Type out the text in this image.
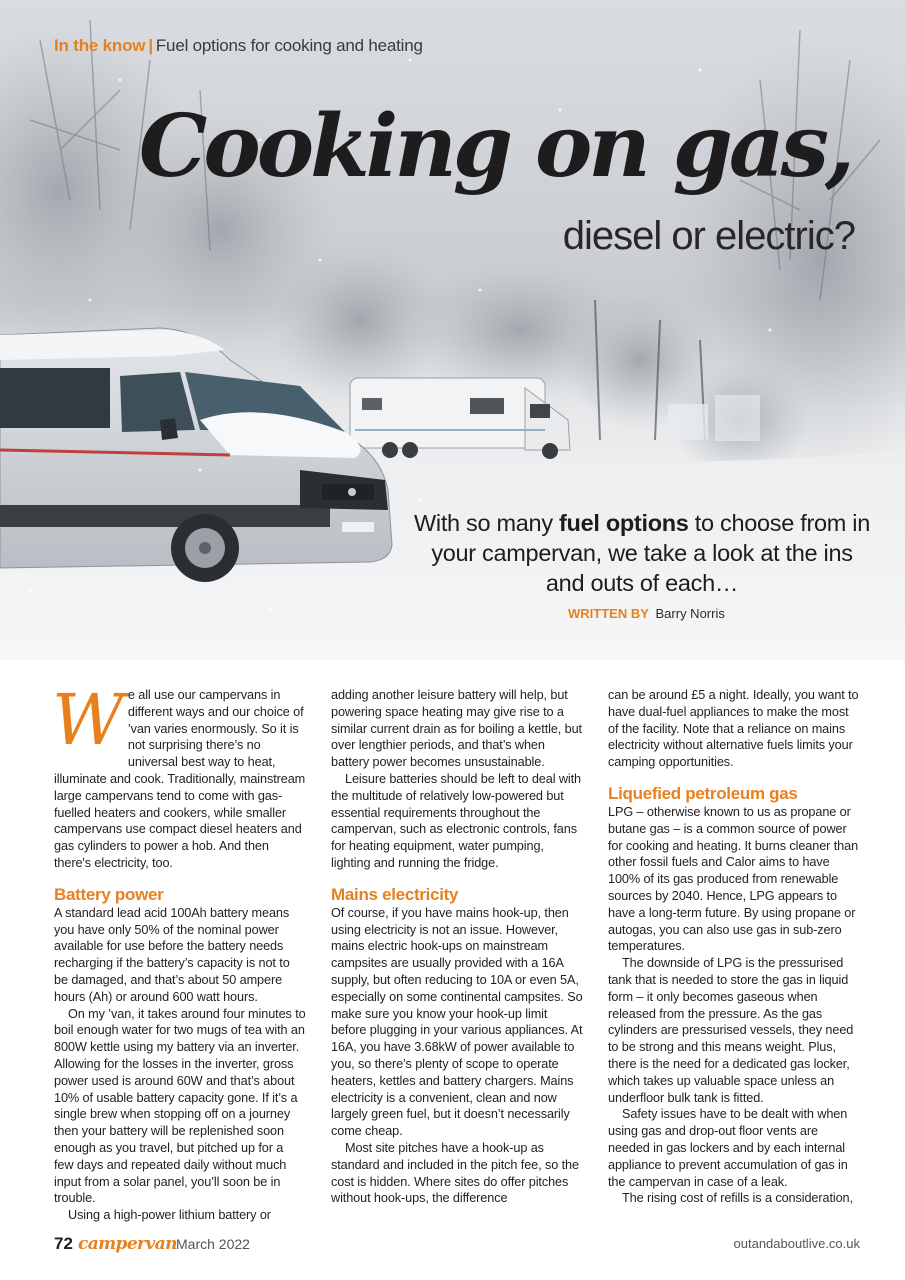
In the know | Fuel options for cooking and heating
Cooking on gas,
diesel or electric?
With so many fuel options to choose from in your campervan, we take a look at the ins and outs of each…
WRITTEN BY Barry Norris

We all use our campervans in different ways and our choice of ’van varies enormously. So it is not surprising there’s no universal best way to heat, illuminate and cook. Traditionally, mainstream large campervans tend to come with gas-fuelled heaters and cookers, while smaller campervans use compact diesel heaters and gas cylinders to power a hob. And then there's electricity, too.

Battery power

A standard lead acid 100Ah battery means you have only 50% of the nominal power available for use before the battery needs recharging if the battery’s capacity is not to be damaged, and that’s about 50 ampere hours (Ah) or around 600 watt hours.

On my ’van, it takes around four minutes to boil enough water for two mugs of tea with an 800W kettle using my battery via an inverter. Allowing for the losses in the inverter, gross power used is around 60W and that’s about 10% of usable battery capacity gone. If it’s a single brew when stopping off on a journey then your battery will be replenished soon enough as you travel, but pitched up for a few days and repeated daily without much input from a solar panel, you’ll soon be in trouble.

Using a high-power lithium battery or

adding another leisure battery will help, but powering space heating may give rise to a similar current drain as for boiling a kettle, but over lengthier periods, and that’s when battery power becomes unsustainable.

Leisure batteries should be left to deal with the multitude of relatively low-powered but essential requirements throughout the campervan, such as electronic controls, fans for heating equipment, water pumping, lighting and running the fridge.

Mains electricity

Of course, if you have mains hook-up, then using electricity is not an issue. However, mains electric hook-ups on mainstream campsites are usually provided with a 16A supply, but often reducing to 10A or even 5A, especially on some continental campsites. So make sure you know your hook-up limit before plugging in your various appliances. At 16A, you have 3.68kW of power available to you, so there’s plenty of scope to operate heaters, kettles and battery chargers. Mains electricity is a convenient, clean and now largely green fuel, but it doesn’t necessarily come cheap.

Most site pitches have a hook-up as standard and included in the pitch fee, so the cost is hidden. Where sites do offer pitches without hook-ups, the difference

can be around £5 a night. Ideally, you want to have dual-fuel appliances to make the most of the facility. Note that a reliance on mains electricity without alternative fuels limits your camping opportunities.

Liquefied petroleum gas

LPG – otherwise known to us as propane or butane gas – is a common source of power for cooking and heating. It burns cleaner than other fossil fuels and Calor aims to have 100% of its gas produced from renewable sources by 2040. Hence, LPG appears to have a long-term future. By using propane or autogas, you can also use gas in sub-zero temperatures.

The downside of LPG is the pressurised tank that is needed to store the gas in liquid form – it only becomes gaseous when released from the pressure. As the gas cylinders are pressurised vessels, they need to be strong and this means weight. Plus, there is the need for a dedicated gas locker, which takes up valuable space unless an underfloor bulk tank is fitted.

Safety issues have to be dealt with when using gas and drop-out floor vents are needed in gas lockers and by each internal appliance to prevent accumulation of gas in the campervan in case of a leak.

The rising cost of refills is a consideration,

72 campervan March 2022	outandaboutlive.co.uk
